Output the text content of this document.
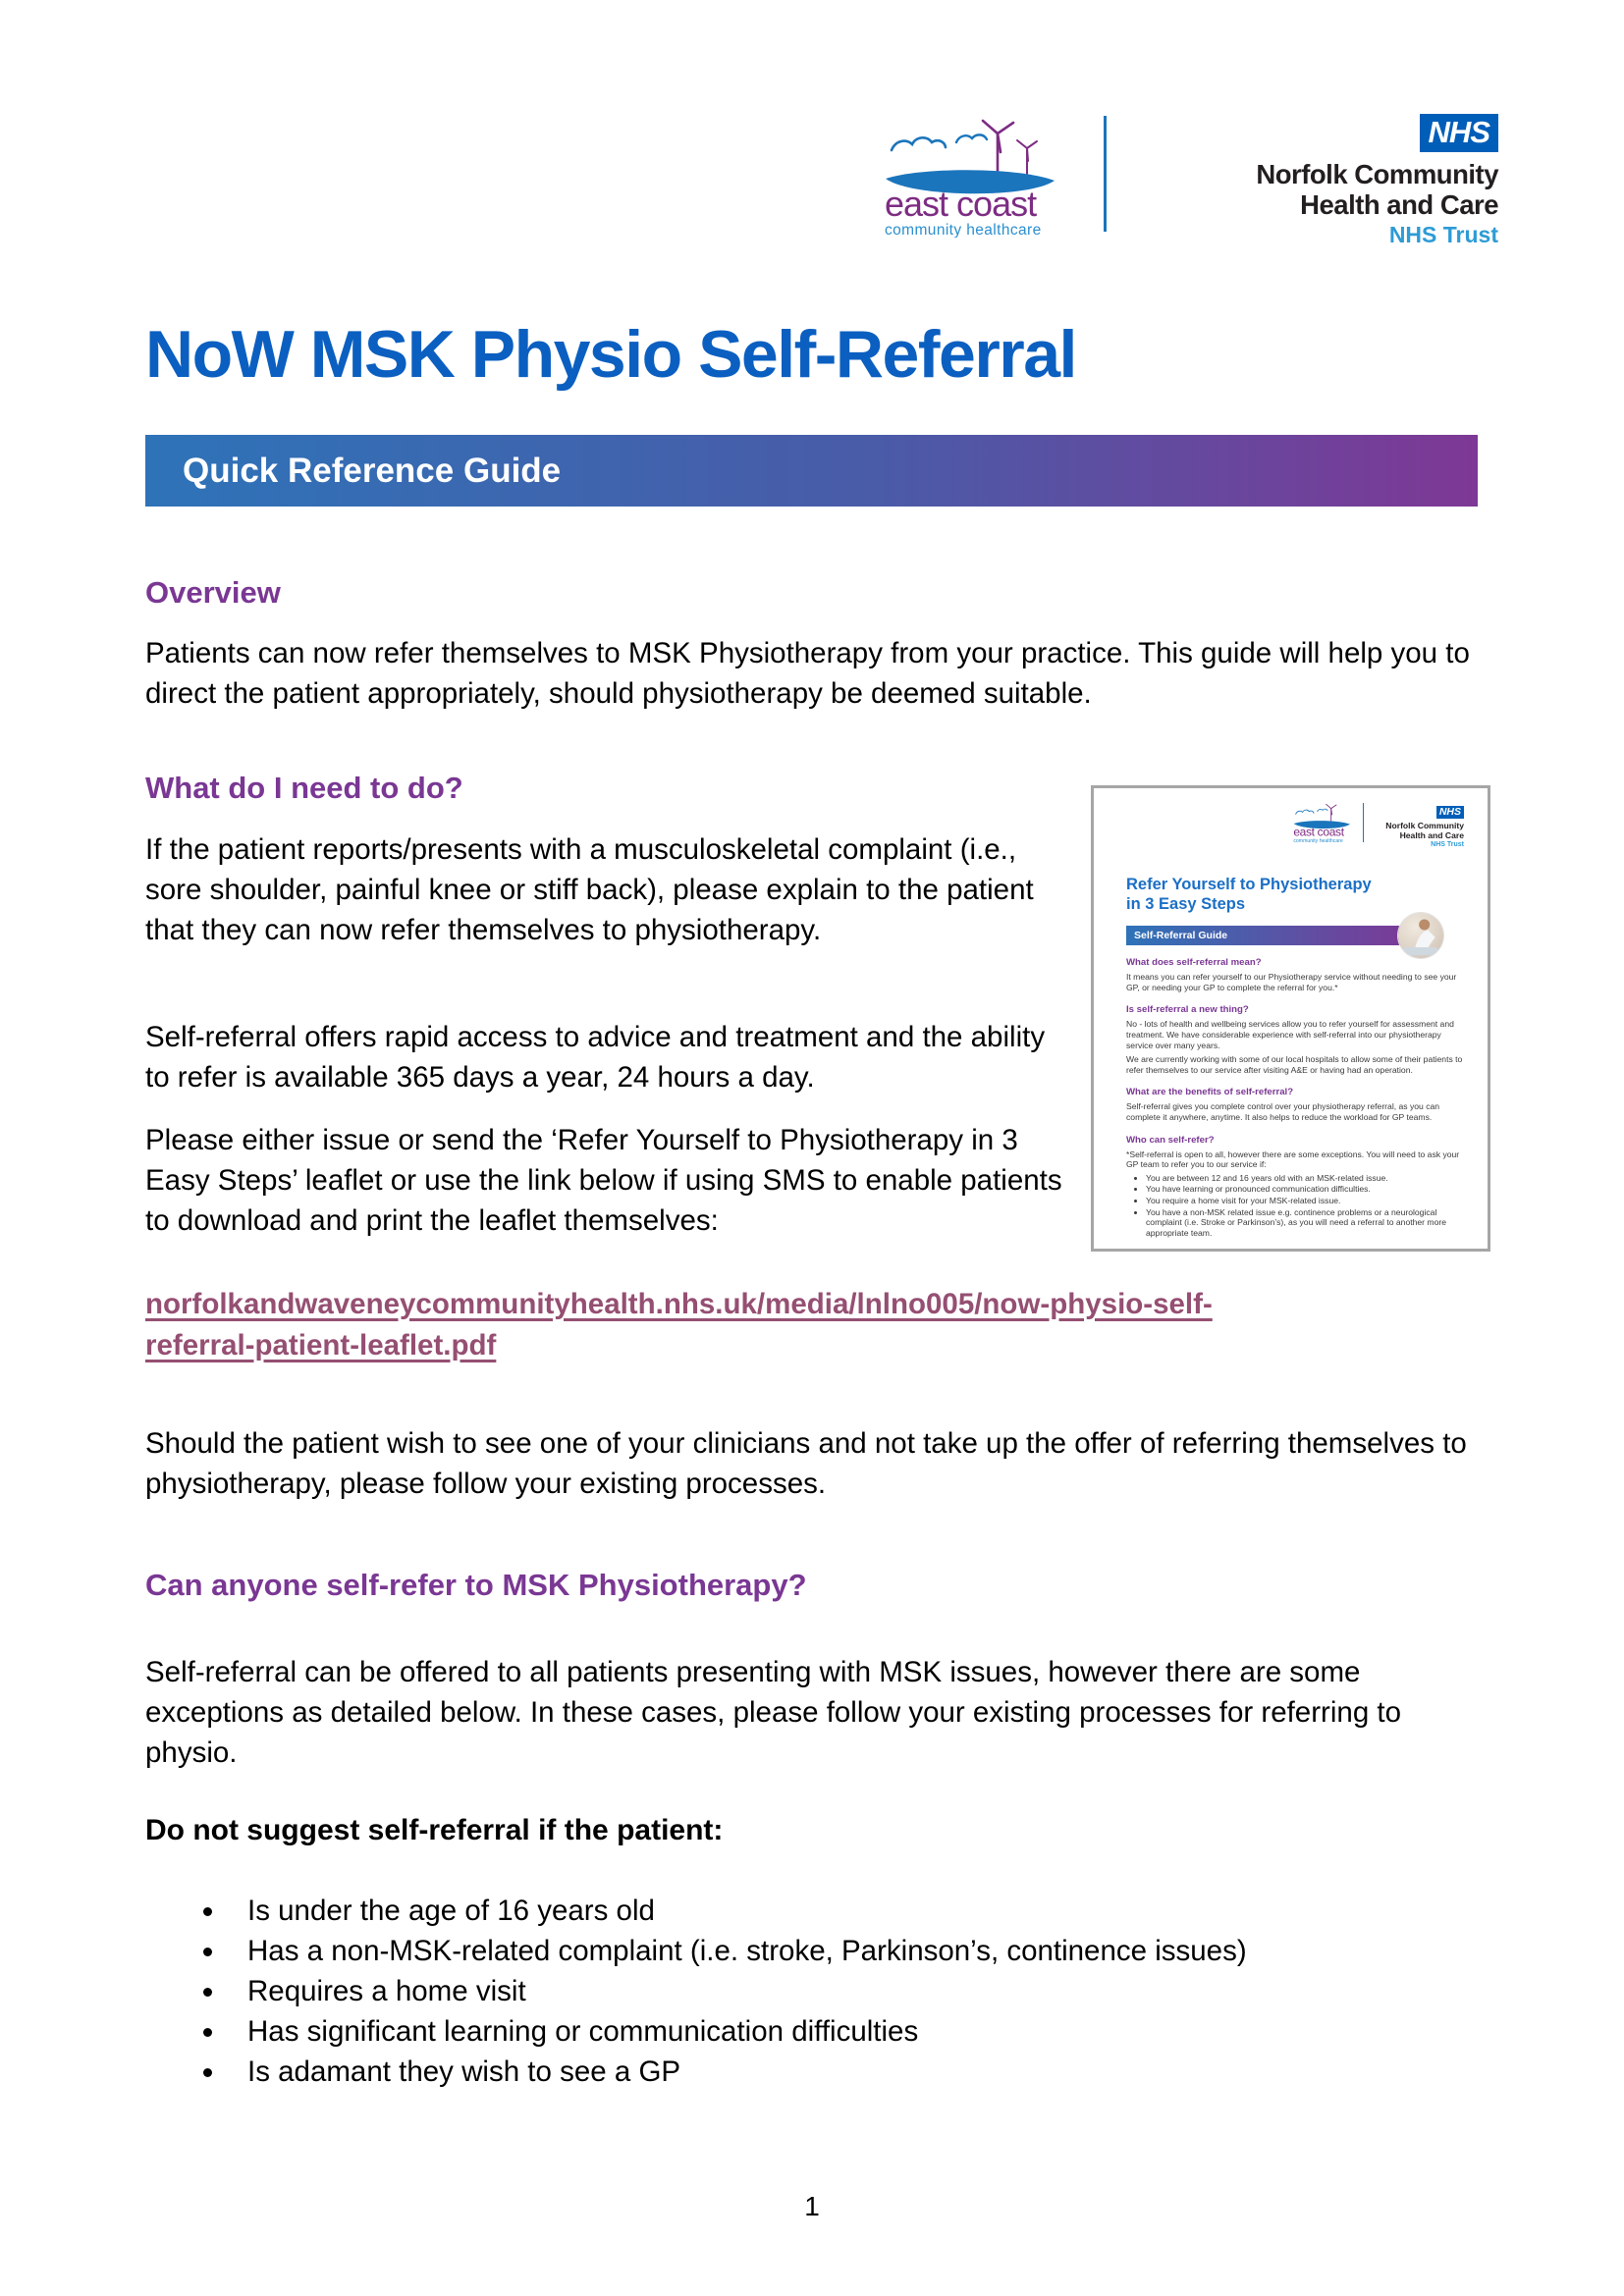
east coast
community healthcare
NHS
Norfolk Community
Health and Care
NHS Trust
NoW MSK Physio Self-Referral
Quick Reference Guide
Overview

Patients can now refer themselves to MSK Physiotherapy from your practice. This guide will help you to direct the patient appropriately, should physiotherapy be deemed suitable.

What do I need to do?

If the patient reports/presents with a musculoskeletal complaint (i.e., sore shoulder, painful knee or stiff back), please explain to the patient that they can now refer themselves to physiotherapy.

Self-referral offers rapid access to advice and treatment and the ability to refer is available 365 days a year, 24 hours a day.

Please either issue or send the ‘Refer Yourself to Physiotherapy in 3 Easy Steps’ leaflet or use the link below if using SMS to enable patients to download and print the leaflet themselves:

norfolkandwaveneycommunityhealth.nhs.uk/media/lnlno005/now-physio-self-
referral-patient-leaflet.pdf

Should the patient wish to see one of your clinicians and not take up the offer of referring themselves to physiotherapy, please follow your existing processes.

east coast
community healthcare
NHS
Norfolk Community
Health and Care
NHS Trust
Refer Yourself to Physiotherapy in 3 Easy Steps
Self-Referral Guide
What does self-referral mean?

It means you can refer yourself to our Physiotherapy service without needing to see your GP, or needing your GP to complete the referral for you.*

Is self-referral a new thing?

No - lots of health and wellbeing services allow you to refer yourself for assessment and treatment. We have considerable experience with self-referral into our physiotherapy service over many years.

We are currently working with some of our local hospitals to allow some of their patients to refer themselves to our service after visiting A&E or having had an operation.

What are the benefits of self-referral?

Self-referral gives you complete control over your physiotherapy referral, as you can complete it anywhere, anytime. It also helps to reduce the workload for GP teams.

Who can self-refer?

*Self-referral is open to all, however there are some exceptions. You will need to ask your GP team to refer you to our service if:

• You are between 12 and 16 years old with an MSK-related issue.
• You have learning or pronounced communication difficulties.
• You require a home visit for your MSK-related issue.
• You have a non-MSK related issue e.g. continence problems or a neurological complaint (i.e. Stroke or Parkinson’s), as you will need a referral to another more appropriate team.
Can anyone self-refer to MSK Physiotherapy?

Self-referral can be offered to all patients presenting with MSK issues, however there are some exceptions as detailed below. In these cases, please follow your existing processes for referring to physio.

Do not suggest self-referral if the patient:
Is under the age of 16 years old
Has a non-MSK-related complaint (i.e. stroke, Parkinson’s, continence issues)
Requires a home visit
Has significant learning or communication difficulties
Is adamant they wish to see a GP
1
